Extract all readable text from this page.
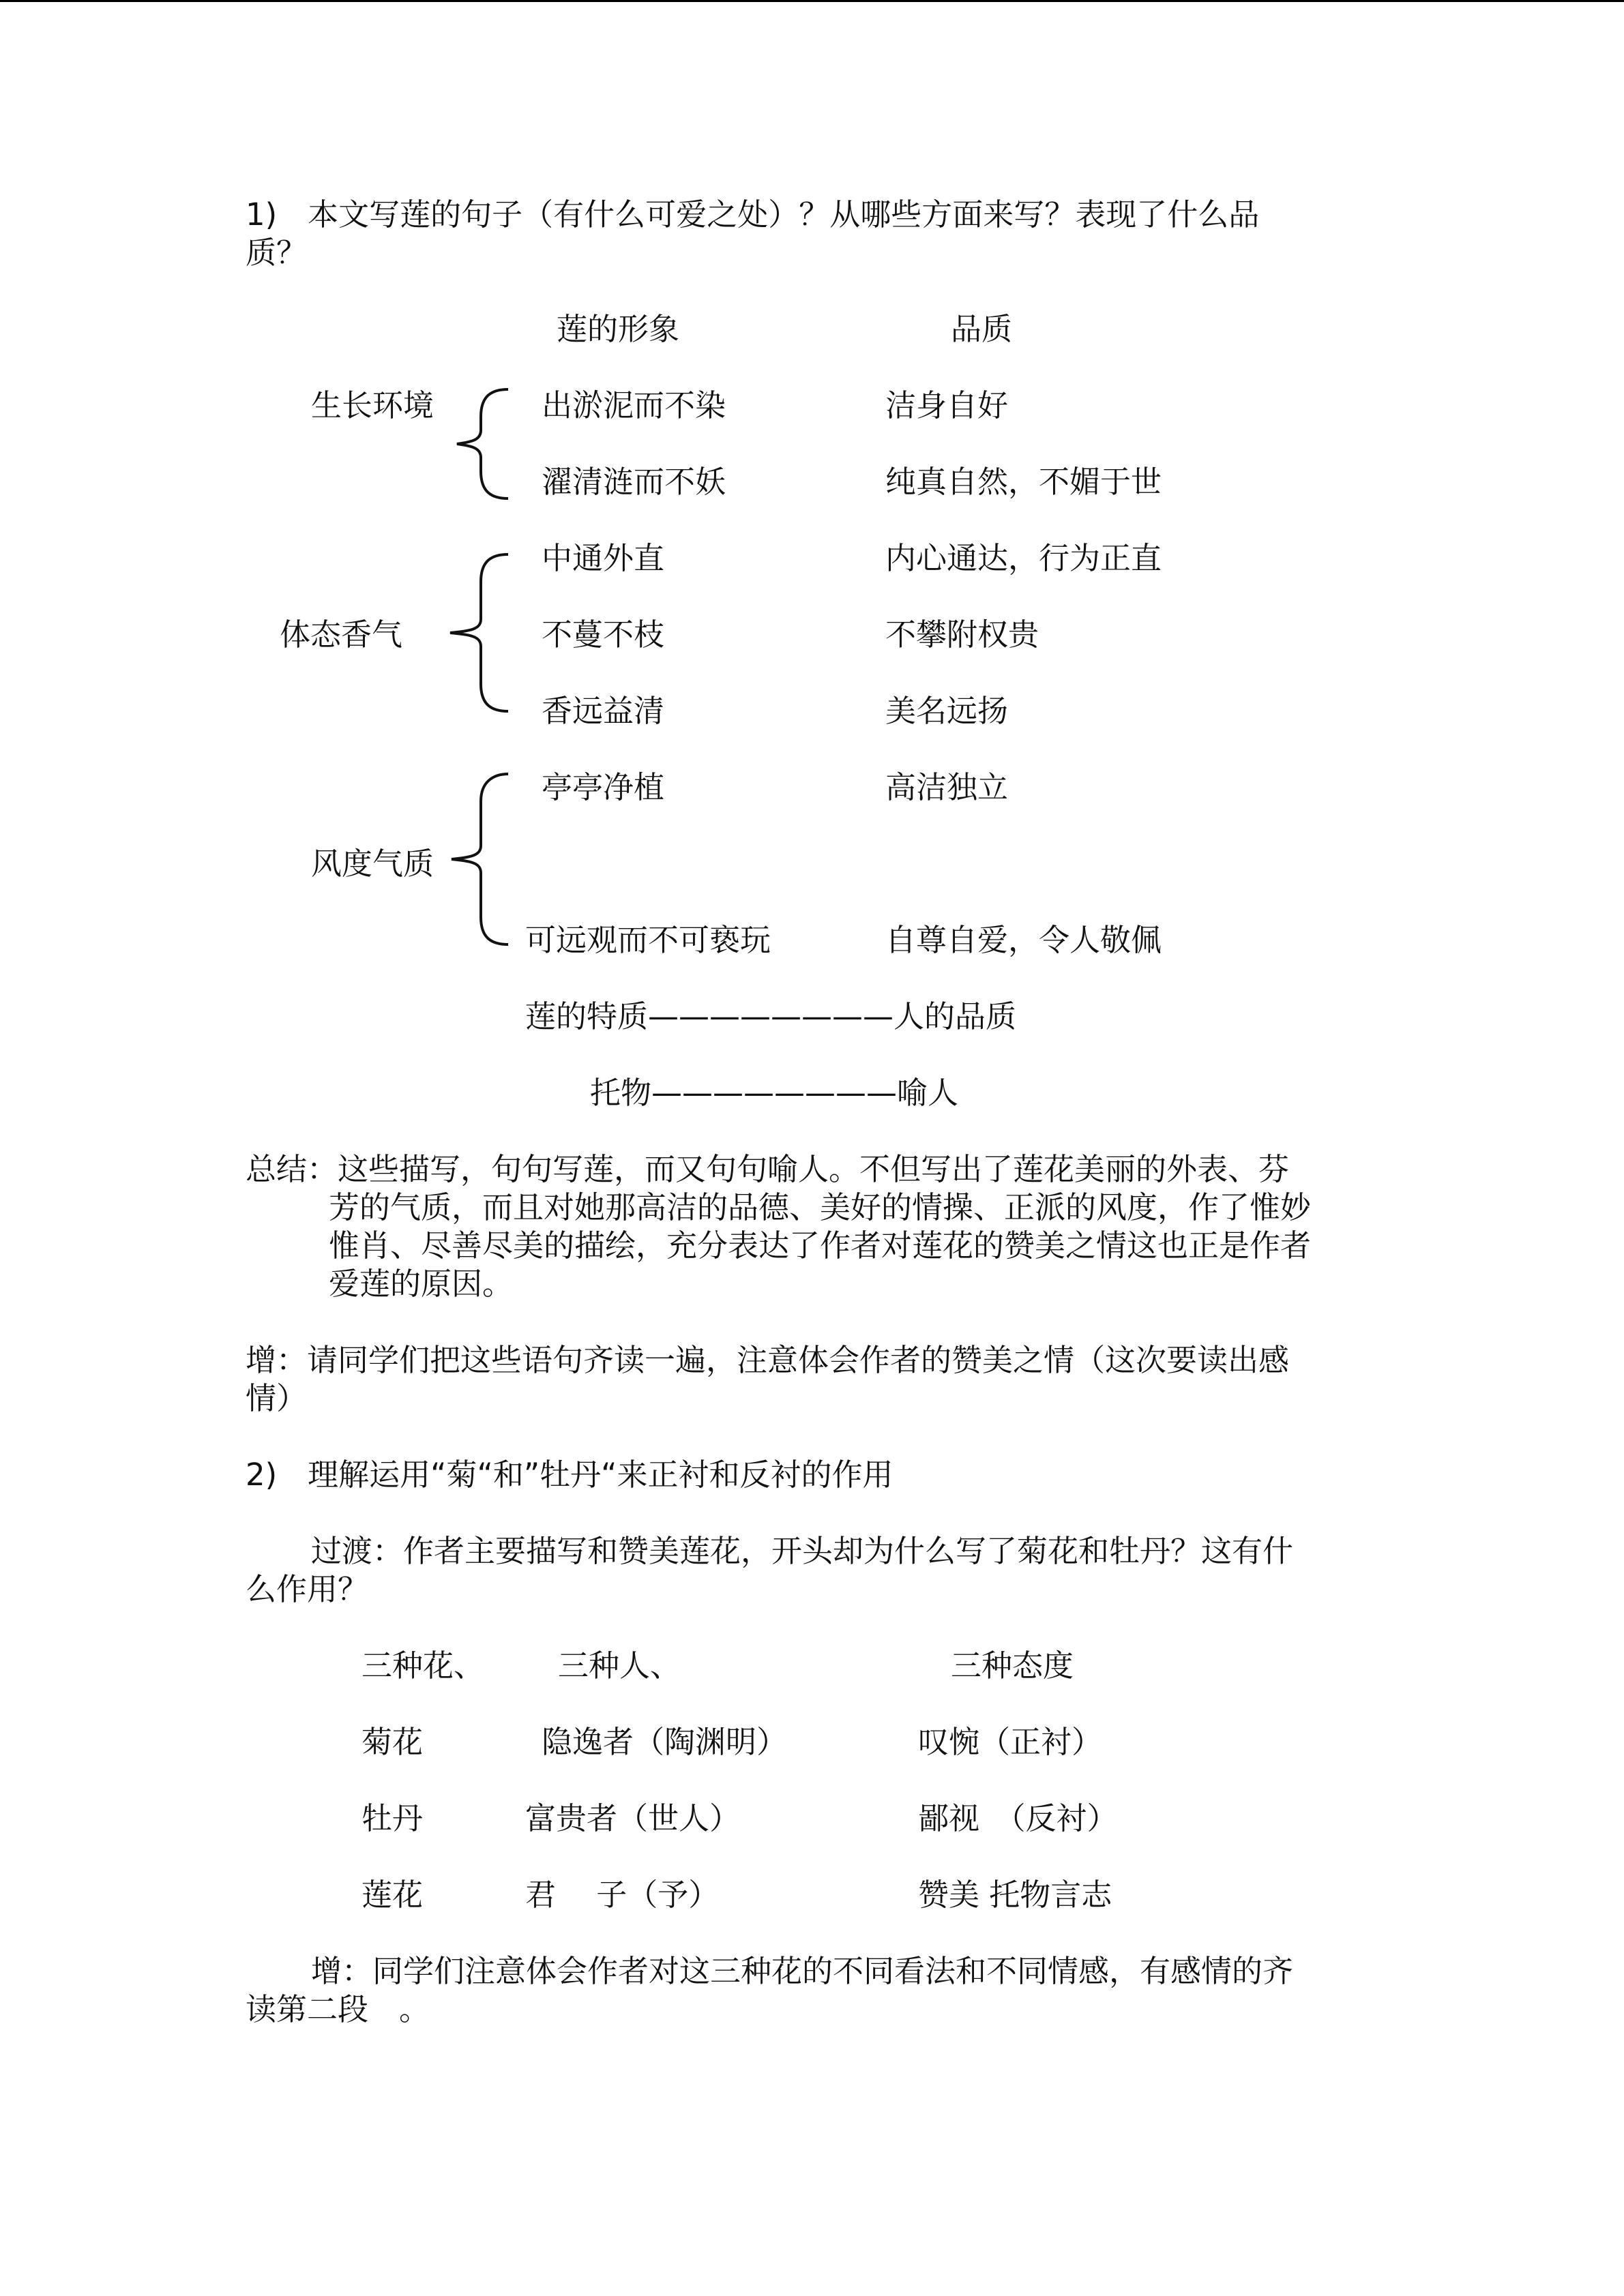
1)　本文写莲的句子（有什么可爱之处）？从哪些方面来写？表现了什么品
质？
莲的形象	品质
生长环境	出淤泥而不染	洁身自好
濯清涟而不妖	纯真自然，不媚于世
体态香气
中通外直	内心通达，行为正直
不蔓不枝	不攀附权贵
香远益清	美名远扬
风度气质
亭亭净植	高洁独立
可远观而不可亵玩	自尊自爱，令人敬佩
莲的特质————————人的品质
托物————————喻人
总结：这些描写，句句写莲，而又句句喻人。不但写出了莲花美丽的外表、芬
芳的气质，而且对她那高洁的品德、美好的情操、正派的风度，作了惟妙
惟肖、尽善尽美的描绘，充分表达了作者对莲花的赞美之情这也正是作者
爱莲的原因。
增：请同学们把这些语句齐读一遍，注意体会作者的赞美之情（这次要读出感
情）
2)　理解运用“菊“和”牡丹“来正衬和反衬的作用
过渡：作者主要描写和赞美莲花，开头却为什么写了菊花和牡丹？这有什
么作用？
三种花、 三种人、	三种态度
菊花	隐逸者（陶渊明）	叹惋（正衬）
牡丹	富贵者（世人）	鄙视　（反衬）
莲花	君　 子（予）	赞美 托物言志
增：同学们注意体会作者对这三种花的不同看法和不同情感，有感情的齐
读第二段　。
